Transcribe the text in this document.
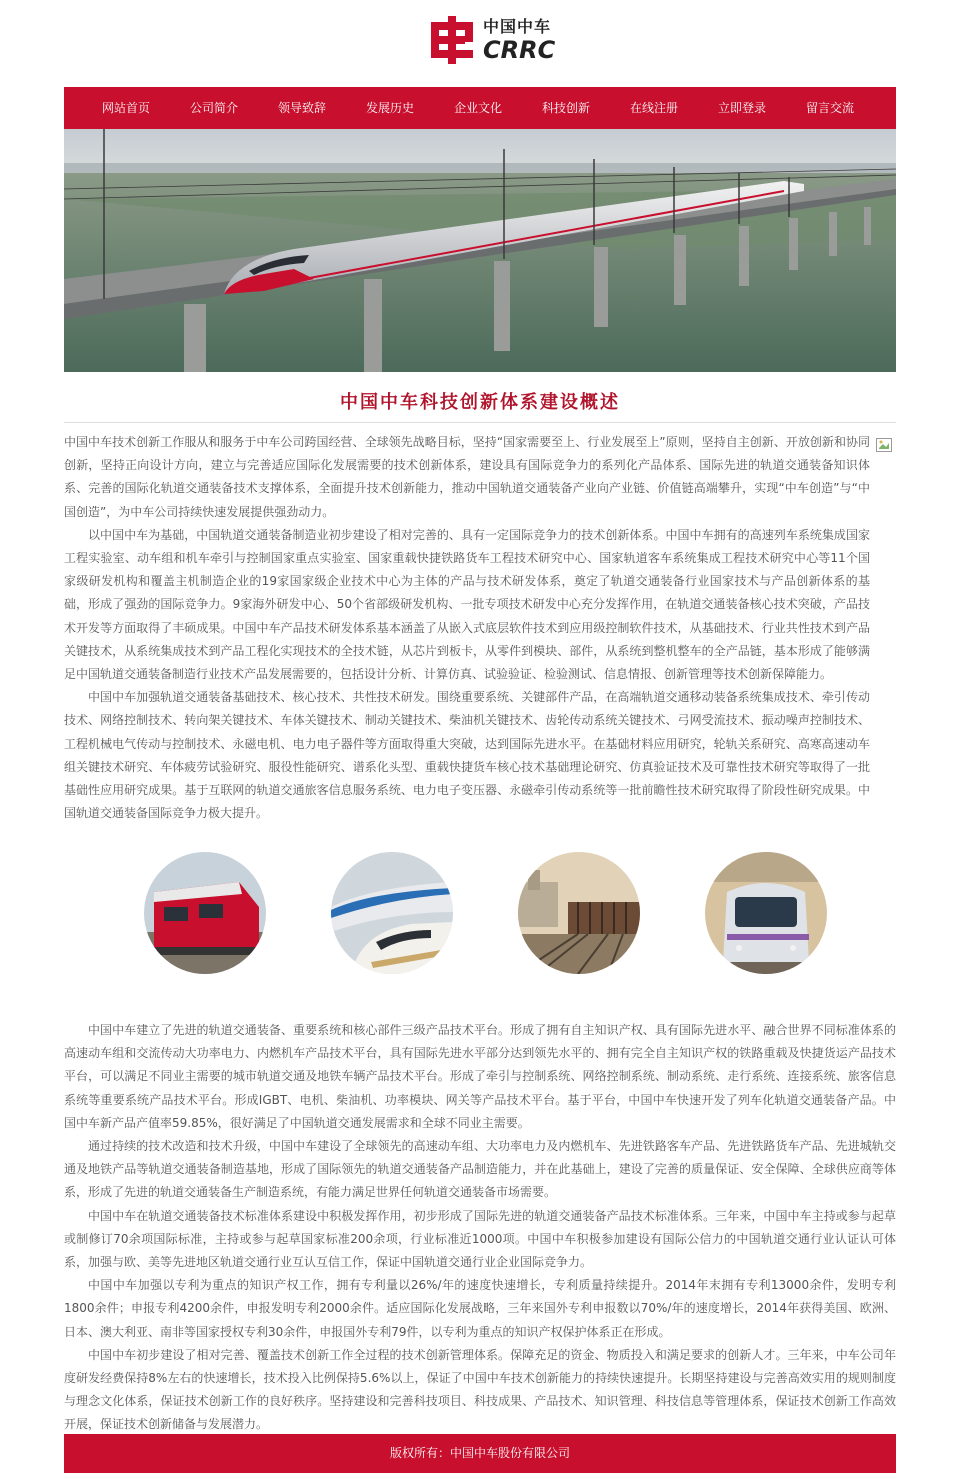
中国中车
CRRC
网站首页	公司简介	领导致辞	发展历史	企业文化	科技创新	在线注册	立即登录	留言交流
中国中车科技创新体系建设概述

中国中车技术创新工作服从和服务于中车公司跨国经营、全球领先战略目标，坚持“国家需要至上、行业发展至上”原则，坚持自主创新、开放创新和协同创新，坚持正向设计方向，建立与完善适应国际化发展需要的技术创新体系，建设具有国际竞争力的系列化产品体系、国际先进的轨道交通装备知识体系、完善的国际化轨道交通装备技术支撑体系，全面提升技术创新能力，推动中国轨道交通装备产业向产业链、价值链高端攀升，实现“中车创造”与“中国创造”，为中车公司持续快速发展提供强劲动力。

以中国中车为基础，中国轨道交通装备制造业初步建设了相对完善的、具有一定国际竞争力的技术创新体系。中国中车拥有的高速列车系统集成国家工程实验室、动车组和机车牵引与控制国家重点实验室、国家重载快捷铁路货车工程技术研究中心、国家轨道客车系统集成工程技术研究中心等11个国家级研发机构和覆盖主机制造企业的19家国家级企业技术中心为主体的产品与技术研发体系，奠定了轨道交通装备行业国家技术与产品创新体系的基础，形成了强劲的国际竞争力。9家海外研发中心、50个省部级研发机构、一批专项技术研发中心充分发挥作用，在轨道交通装备核心技术突破，产品技术开发等方面取得了丰硕成果。中国中车产品技术研发体系基本涵盖了从嵌入式底层软件技术到应用级控制软件技术，从基础技术、行业共性技术到产品关键技术，从系统集成技术到产品工程化实现技术的全技术链，从芯片到板卡，从零件到模块、部件，从系统到整机整车的全产品链，基本形成了能够满足中国轨道交通装备制造行业技术产品发展需要的，包括设计分析、计算仿真、试验验证、检验测试、信息情报、创新管理等技术创新保障能力。

中国中车加强轨道交通装备基础技术、核心技术、共性技术研发。围绕重要系统、关键部件产品，在高端轨道交通移动装备系统集成技术、牵引传动技术、网络控制技术、转向架关键技术、车体关键技术、制动关键技术、柴油机关键技术、齿轮传动系统关键技术、弓网受流技术、振动噪声控制技术、工程机械电气传动与控制技术、永磁电机、电力电子器件等方面取得重大突破，达到国际先进水平。在基础材料应用研究，轮轨关系研究、高寒高速动车组关键技术研究、车体疲劳试验研究、服役性能研究、谱系化头型、重载快捷货车核心技术基础理论研究、仿真验证技术及可靠性技术研究等取得了一批基础性应用研究成果。基于互联网的轨道交通旅客信息服务系统、电力电子变压器、永磁牵引传动系统等一批前瞻性技术研究取得了阶段性研究成果。中国轨道交通装备国际竞争力极大提升。

中国中车建立了先进的轨道交通装备、重要系统和核心部件三级产品技术平台。形成了拥有自主知识产权、具有国际先进水平、融合世界不同标准体系的高速动车组和交流传动大功率电力、内燃机车产品技术平台，具有国际先进水平部分达到领先水平的、拥有完全自主知识产权的铁路重载及快捷货运产品技术平台，可以满足不同业主需要的城市轨道交通及地铁车辆产品技术平台。形成了牵引与控制系统、网络控制系统、制动系统、走行系统、连接系统、旅客信息系统等重要系统产品技术平台。形成IGBT、电机、柴油机、功率模块、网关等产品技术平台。基于平台，中国中车快速开发了列车化轨道交通装备产品。中国中车新产品产值率59.85%，很好满足了中国轨道交通发展需求和全球不同业主需要。

通过持续的技术改造和技术升级，中国中车建设了全球领先的高速动车组、大功率电力及内燃机车、先进铁路客车产品、先进铁路货车产品、先进城轨交通及地铁产品等轨道交通装备制造基地，形成了国际领先的轨道交通装备产品制造能力，并在此基础上，建设了完善的质量保证、安全保障、全球供应商等体系，形成了先进的轨道交通装备生产制造系统，有能力满足世界任何轨道交通装备市场需要。

中国中车在轨道交通装备技术标准体系建设中积极发挥作用，初步形成了国际先进的轨道交通装备产品技术标准体系。三年来，中国中车主持或参与起草或制修订70余项国际标准，主持或参与起草国家标准200余项，行业标准近1000项。中国中车积极参加建设有国际公信力的中国轨道交通行业认证认可体系，加强与欧、美等先进地区轨道交通行业互认互信工作，保证中国轨道交通行业企业国际竞争力。

中国中车加强以专利为重点的知识产权工作，拥有专利量以26%/年的速度快速增长，专利质量持续提升。2014年末拥有专利13000余件，发明专利1800余件；申报专利4200余件，申报发明专利2000余件。适应国际化发展战略，三年来国外专利申报数以70%/年的速度增长，2014年获得美国、欧洲、日本、澳大利亚、南非等国家授权专利30余件，申报国外专利79件，以专利为重点的知识产权保护体系正在形成。

中国中车初步建设了相对完善、覆盖技术创新工作全过程的技术创新管理体系。保障充足的资金、物质投入和满足要求的创新人才。三年来，中车公司年度研发经费保持8%左右的快速增长，技术投入比例保持5.6%以上，保证了中国中车技术创新能力的持续快速提升。长期坚持建设与完善高效实用的规则制度与理念文化体系，保证技术创新工作的良好秩序。坚持建设和完善科技项目、科技成果、产品技术、知识管理、科技信息等管理体系，保证技术创新工作高效开展，保证技术创新储备与发展潜力。

版权所有：中国中车股份有限公司
